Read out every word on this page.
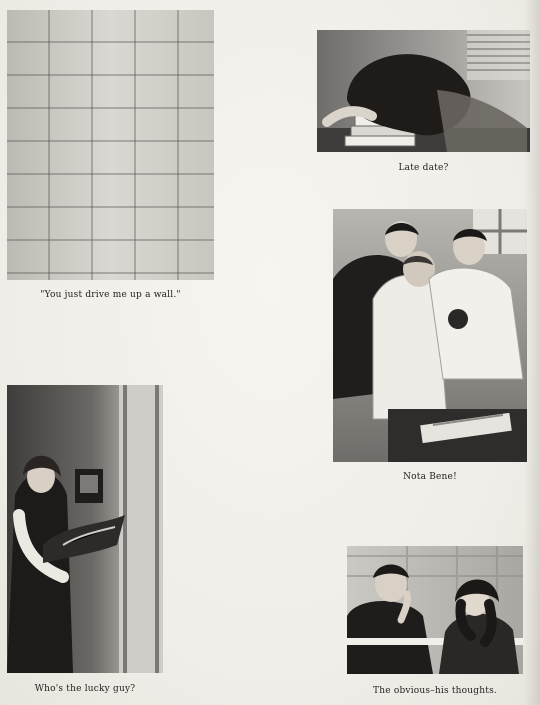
"You just drive me up a wall."
Late date?
Nota Bene!
Who's the lucky guy?	The obvious–his thoughts.
